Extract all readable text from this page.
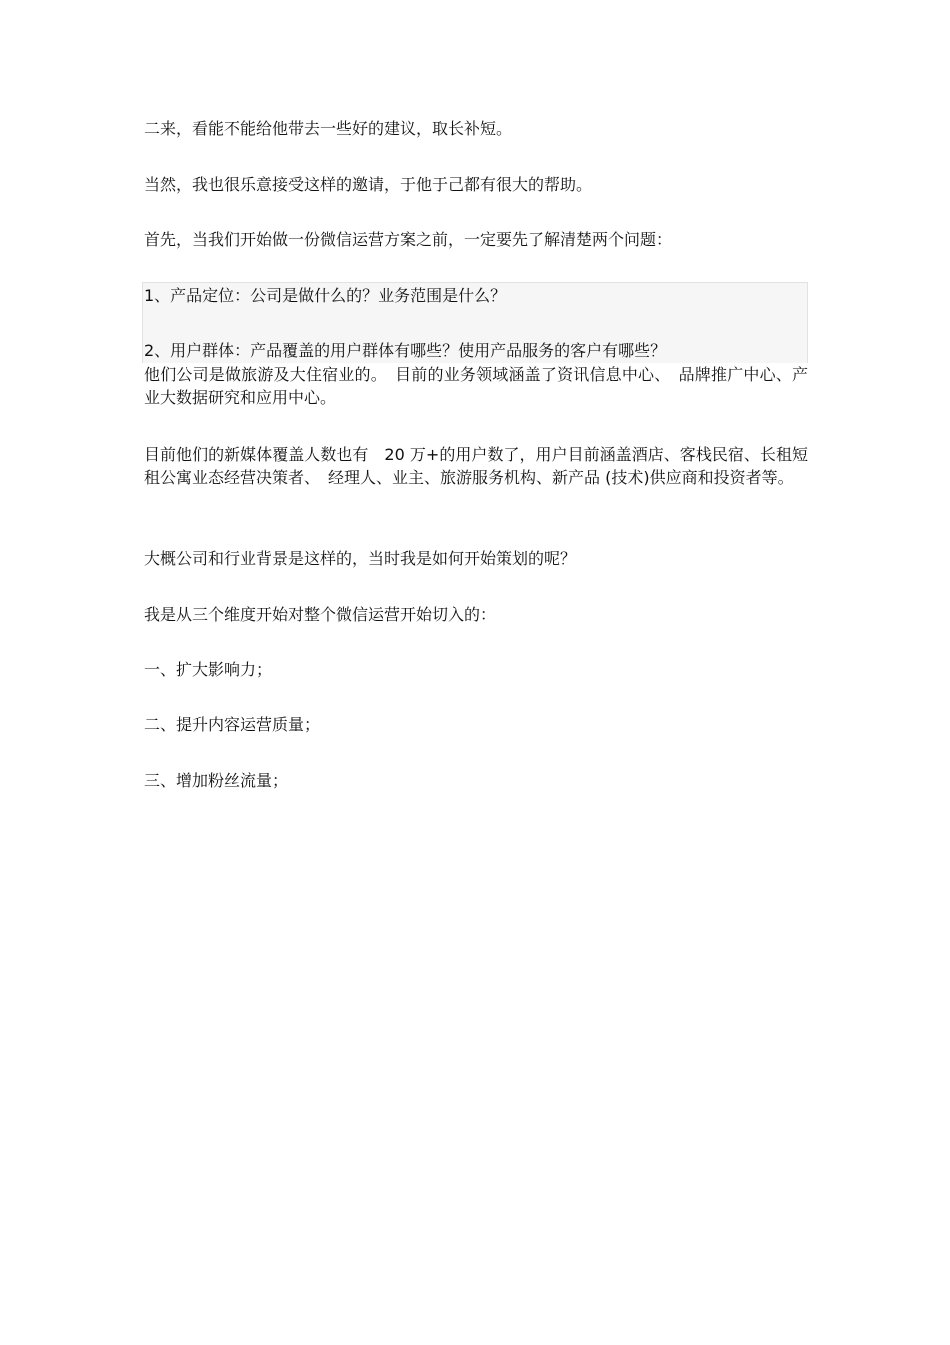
二来，看能不能给他带去一些好的建议，取长补短。

当然，我也很乐意接受这样的邀请，于他于己都有很大的帮助。

首先，当我们开始做一份微信运营方案之前，一定要先了解清楚两个问题：

1、产品定位：公司是做什么的？业务范围是什么？

2、用户群体：产品覆盖的用户群体有哪些？使用产品服务的客户有哪些？

他们公司是做旅游及大住宿业的。　目前的业务领域涵盖了资讯信息中心、　品牌推广中心、产业大数据研究和应用中心。

目前他们的新媒体覆盖人数也有　20 万+的用户数了，用户目前涵盖酒店、客栈民宿、长租短租公寓业态经营决策者、　经理人、业主、旅游服务机构、新产品 (技术)供应商和投资者等。

大概公司和行业背景是这样的，当时我是如何开始策划的呢？

我是从三个维度开始对整个微信运营开始切入的：

一、扩大影响力；

二、提升内容运营质量；

三、增加粉丝流量；
